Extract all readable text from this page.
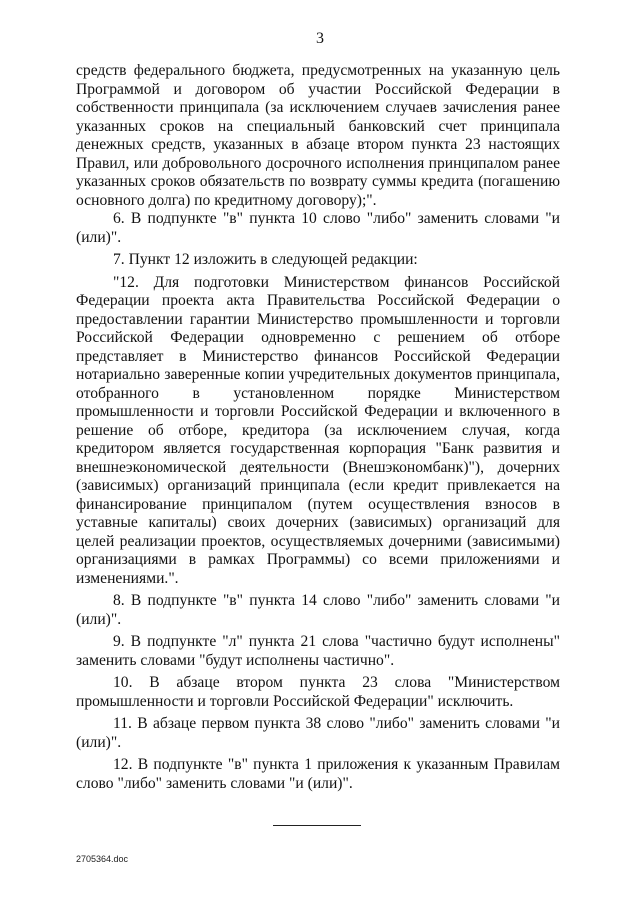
3

средств федерального бюджета, предусмотренных на указанную цель Программой и договором об участии Российской Федерации в собственности принципала (за исключением случаев зачисления ранее указанных сроков на специальный банковский счет принципала денежных средств, указанных в абзаце втором пункта 23 настоящих Правил, или добровольного досрочного исполнения принципалом ранее указанных сроков обязательств по возврату суммы кредита (погашению основного долга) по кредитному договору);".

6. В подпункте "в" пункта 10 слово "либо" заменить словами "и (или)".

7. Пункт 12 изложить в следующей редакции:

"12. Для подготовки Министерством финансов Российской Федерации проекта акта Правительства Российской Федерации о предоставлении гарантии Министерство промышленности и торговли Российской Федерации одновременно с решением об отборе представляет в Министерство финансов Российской Федерации нотариально заверенные копии учредительных документов принципала, отобранного в установленном порядке Министерством промышленности и торговли Российской Федерации и включенного в решение об отборе, кредитора (за исключением случая, когда кредитором является государственная корпорация "Банк развития и внешнеэкономической деятельности (Внешэкономбанк)"), дочерних (зависимых) организаций принципала (если кредит привлекается на финансирование принципалом (путем осуществления взносов в уставные капиталы) своих дочерних (зависимых) организаций для целей реализации проектов, осуществляемых дочерними (зависимыми) организациями в рамках Программы) со всеми приложениями и изменениями.".

8. В подпункте "в" пункта 14 слово "либо" заменить словами "и (или)".

9. В подпункте "л" пункта 21 слова "частично будут исполнены" заменить словами "будут исполнены частично".

10. В абзаце втором пункта 23 слова "Министерством промышленности и торговли Российской Федерации" исключить.

11. В абзаце первом пункта 38 слово "либо" заменить словами "и (или)".

12. В подпункте "в" пункта 1 приложения к указанным Правилам слово "либо" заменить словами "и (или)".

2705364.doc
